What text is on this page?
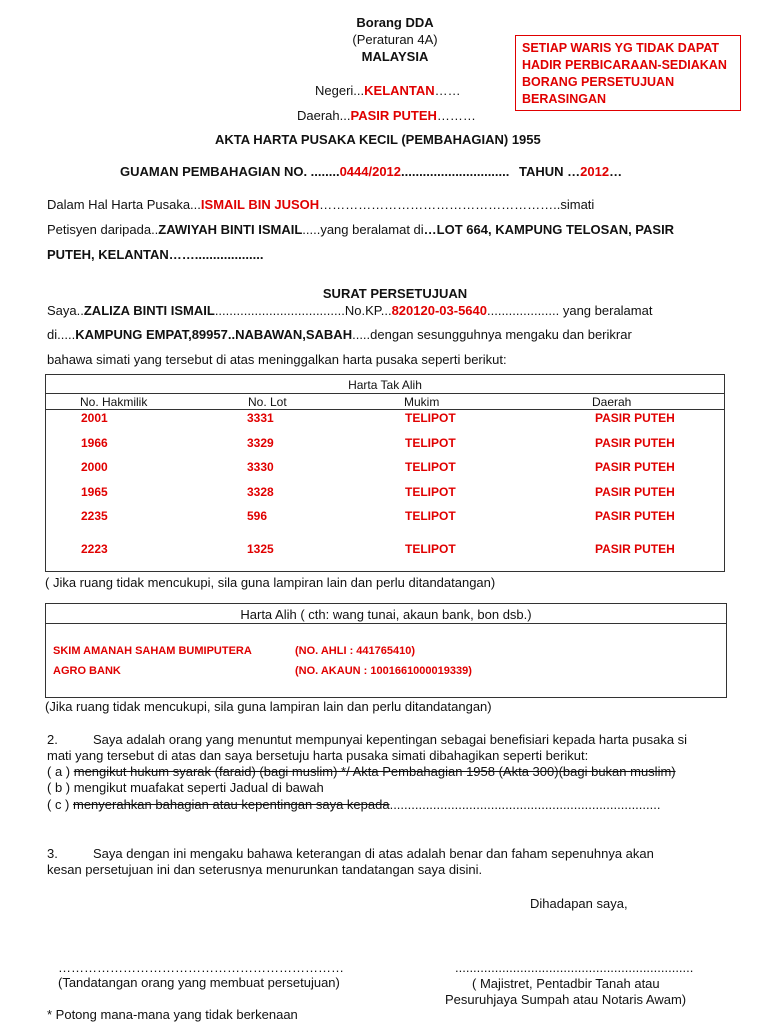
Borang DDA
(Peraturan 4A)
MALAYSIA
Negeri...KELANTAN……
Daerah...PASIR PUTEH………
SETIAP WARIS YG TIDAK DAPAT HADIR PERBICARAAN-SEDIAKAN BORANG PERSETUJUAN BERASINGAN
AKTA HARTA PUSAKA KECIL (PEMBAHAGIAN) 1955
GUAMAN PEMBAHAGIAN NO. ........0444/2012.............................. TAHUN …2012…
Dalam Hal Harta Pusaka...ISMAIL BIN JUSOH………………………………………………..simati
Petisyen daripada..ZAWIYAH BINTI ISMAIL.....yang beralamat di…LOT 664, KAMPUNG TELOSAN, PASIR
PUTEH, KELANTAN……...................
SURAT PERSETUJUAN
Saya..ZALIZA BINTI ISMAIL....................................No.KP...820120-03-5640.................... yang beralamat
di.....KAMPUNG EMPAT,89957..NABAWAN,SABAH.....dengan sesungguhnya mengaku dan berikrar
bahawa simati yang tersebut di atas meninggalkan harta pusaka seperti berikut:
Harta Tak Alih
No. Hakmilik	No. Lot	Mukim	Daerah
2001	3331	TELIPOT	PASIR PUTEH
1966	3329	TELIPOT	PASIR PUTEH
2000	3330	TELIPOT	PASIR PUTEH
1965	3328	TELIPOT	PASIR PUTEH
2235	596	TELIPOT	PASIR PUTEH
2223	1325	TELIPOT	PASIR PUTEH
( Jika ruang tidak mencukupi, sila guna lampiran lain dan perlu ditandatangan)
Harta Alih ( cth: wang tunai, akaun bank, bon dsb.)
SKIM AMANAH SAHAM BUMIPUTERA	(NO. AHLI : 441765410)
AGRO BANK	(NO. AKAUN : 1001661000019339)
(Jika ruang tidak mencukupi, sila guna lampiran lain dan perlu ditandatangan)
2.	Saya adalah orang yang menuntut mempunyai kepentingan sebagai benefisiari kepada harta pusaka si
mati yang tersebut di atas dan saya bersetuju harta pusaka simati dibahagikan seperti berikut:
( a ) mengikut hukum syarak (faraid) (bagi muslim) */ Akta Pembahagian 1958 (Akta 300)(bagi bukan muslim)
( b ) mengikut muafakat seperti Jadual di bawah
( c ) menyerahkan bahagian atau kepentingan saya kepada...........................................................................
3.	Saya dengan ini mengaku bahawa keterangan di atas adalah benar dan faham sepenuhnya akan
kesan persetujuan ini dan seterusnya menurunkan tandatangan saya disini.
Dihadapan saya,
…………………………………………………………	..................................................................
(Tandatangan orang yang membuat persetujuan)	( Majistret, Pentadbir Tanah atau
Pesuruhjaya Sumpah atau Notaris Awam)
* Potong mana-mana yang tidak berkenaan
